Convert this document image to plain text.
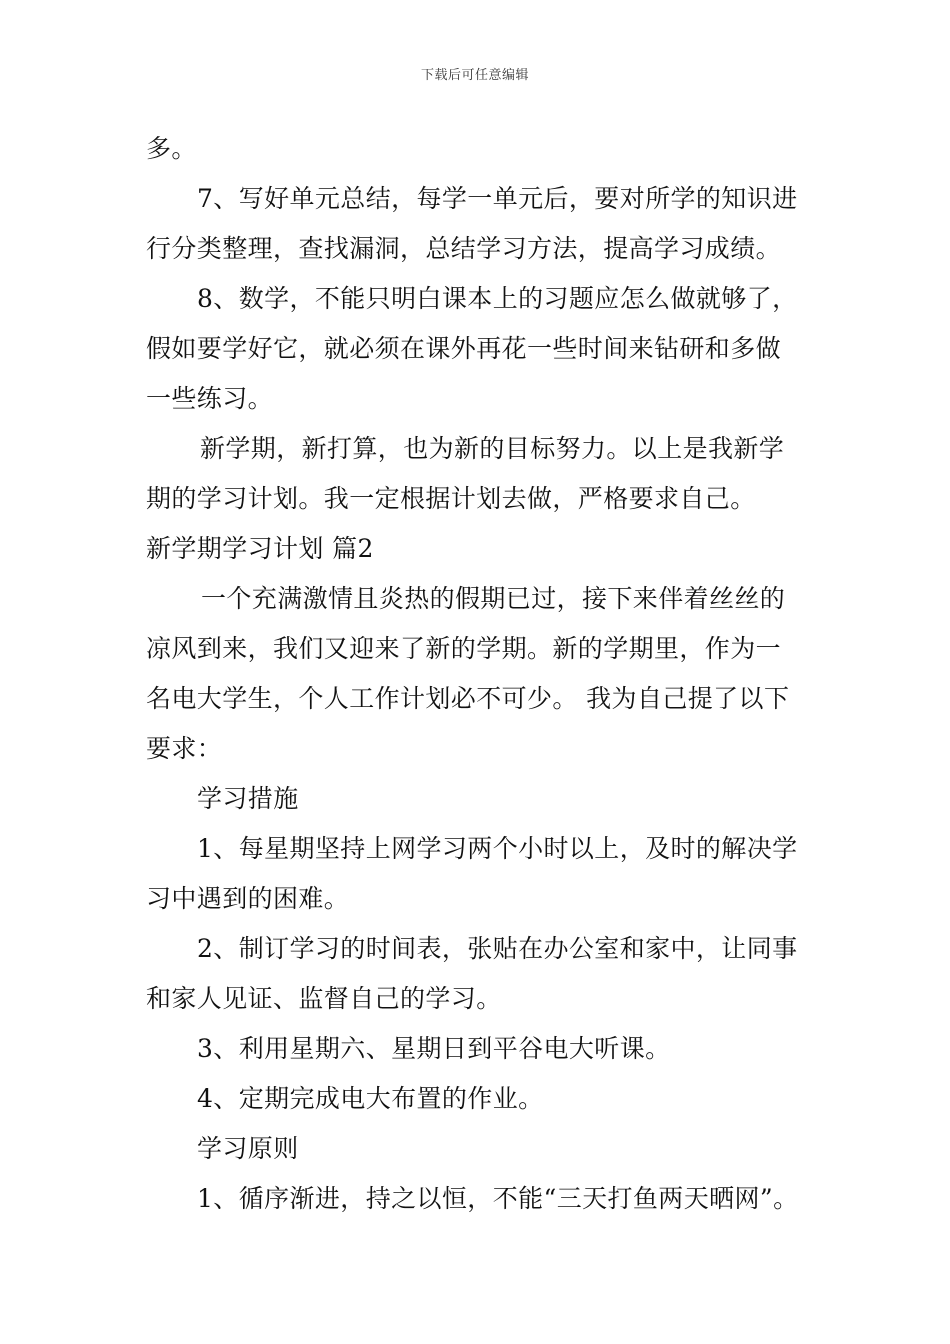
下载后可任意编辑
多。
7、写好单元总结，每学一单元后，要对所学的知识进
行分类整理，查找漏洞，总结学习方法，提高学习成绩。
8、数学，不能只明白课本上的习题应怎么做就够了，
假如要学好它，就必须在课外再花一些时间来钻研和多做
一些练习。
新学期，新打算，也为新的目标努力。以上是我新学
期的学习计划。我一定根据计划去做，严格要求自己。
新学期学习计划 篇2
一个充满激情且炎热的假期已过，接下来伴着丝丝的
凉风到来，我们又迎来了新的学期。新的学期里，作为一
名电大学生，个人工作计划必不可少。 我为自己提了以下
要求：
学习措施
1、每星期坚持上网学习两个小时以上，及时的解决学
习中遇到的困难。
2、制订学习的时间表，张贴在办公室和家中，让同事
和家人见证、监督自己的学习。
3、利用星期六、星期日到平谷电大听课。
4、定期完成电大布置的作业。
学习原则
1、循序渐进，持之以恒，不能“三天打鱼两天晒网”。
